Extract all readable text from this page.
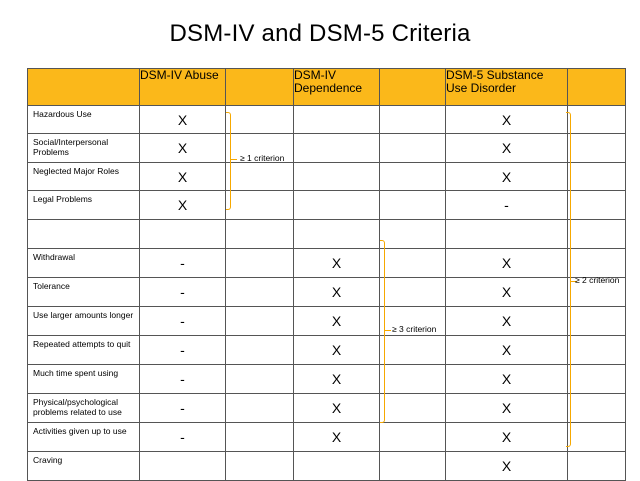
DSM-IV and DSM-5 Criteria
	DSM-IV Abuse		DSM-IV Dependence		DSM-5 Substance Use Disorder	
Hazardous Use	X				X	
Social/Interpersonal Problems	X				X	
Neglected Major Roles	X				X	
Legal Problems	X				-	

Withdrawal	-		X		X	
Tolerance	-		X		X	
Use larger amounts longer	-		X		X	
Repeated attempts to quit	-		X		X	
Much time spent using	-		X		X	
Physical/psychological problems related to use	-		X		X	
Activities given up to use	-		X		X	
Craving					X	
≥ 1 criterion
≥ 3 criterion
≥ 2 criterion
